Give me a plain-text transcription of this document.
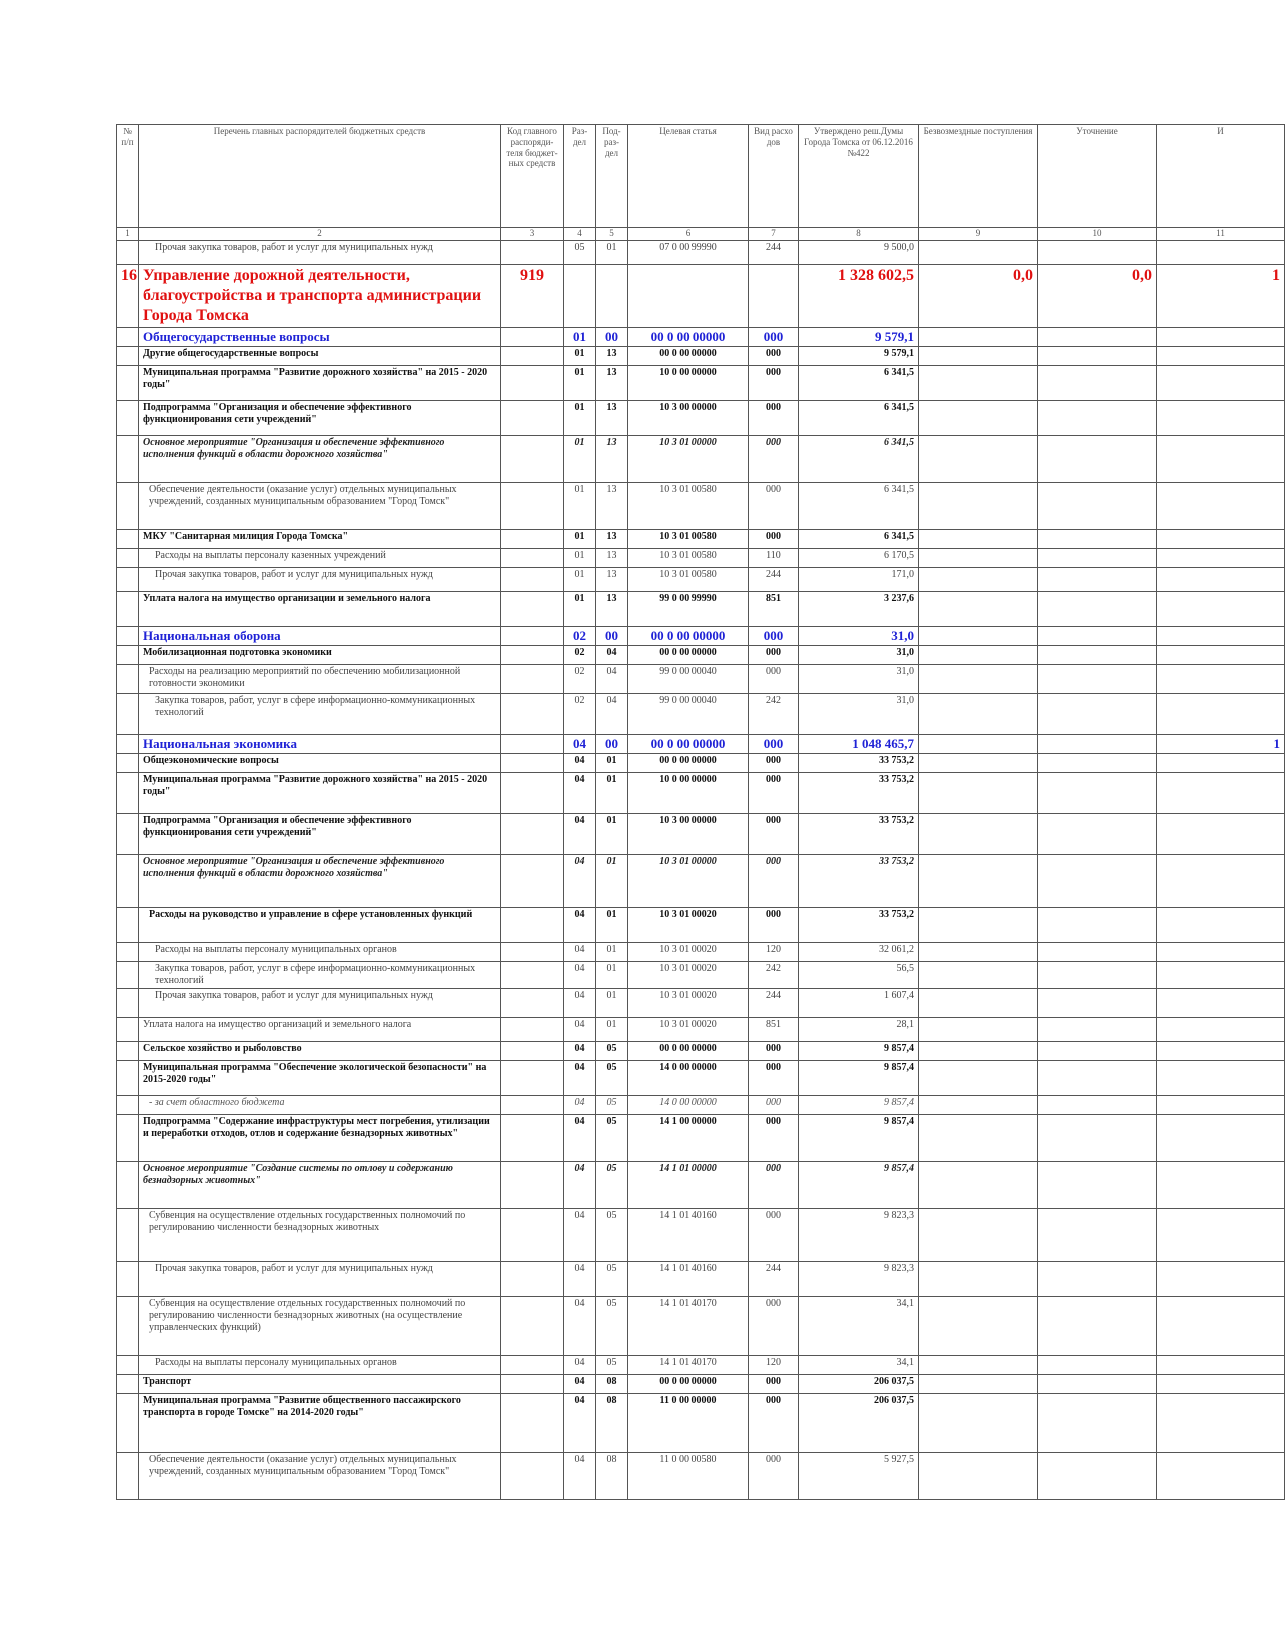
№ п/п	Перечень главных распорядителей бюджетных средств	Код главного распоряди-теля бюджет-ных средств	Раз-дел	Под-раз-дел	Целевая статья	Вид расхо дов	Утверждено реш.Думы Города Томска от 06.12.2016 №422	Безвозмездные поступления	Уточнение	И
1	2	3	4	5	6	7	8	9	10	11
	Прочая закупка товаров, работ и услуг для муниципальных нужд		05	01	07 0 00 99990	244	9 500,0			
16	Управление дорожной деятельности, благоустройства и транспорта администрации Города Томска	919					1 328 602,5	0,0	0,0	1
	Общегосударственные вопросы		01	00	00 0 00 00000	000	9 579,1			
	Другие общегосударственные вопросы		01	13	00 0 00 00000	000	9 579,1			
	Муниципальная программа "Развитие дорожного хозяйства" на 2015 - 2020 годы"		01	13	10 0 00 00000	000	6 341,5			
	Подпрограмма "Организация и обеспечение эффективного функционирования сети учреждений"		01	13	10 3 00 00000	000	6 341,5			
	Основное мероприятие "Организация и обеспечение эффективного исполнения функций в области дорожного хозяйства"		01	13	10 3 01 00000	000	6 341,5			
	Обеспечение деятельности (оказание услуг) отдельных муниципальных учреждений, созданных муниципальным образованием "Город Томск"		01	13	10 3 01 00580	000	6 341,5			
	МКУ "Санитарная милиция Города Томска"		01	13	10 3 01 00580	000	6 341,5			
	Расходы на выплаты персоналу казенных учреждений		01	13	10 3 01 00580	110	6 170,5			
	Прочая закупка товаров, работ и услуг для муниципальных нужд		01	13	10 3 01 00580	244	171,0			
	Уплата налога на имущество организации и земельного налога		01	13	99 0 00 99990	851	3 237,6			
	Национальная оборона		02	00	00 0 00 00000	000	31,0			
	Мобилизационная подготовка экономики		02	04	00 0 00 00000	000	31,0			
	Расходы на реализацию мероприятий по обеспечению мобилизационной готовности экономики		02	04	99 0 00 00040	000	31,0			
	Закупка товаров, работ, услуг в сфере информационно-коммуникационных технологий		02	04	99 0 00 00040	242	31,0			
	Национальная экономика		04	00	00 0 00 00000	000	1 048 465,7			1
	Общеэкономические вопросы		04	01	00 0 00 00000	000	33 753,2			
	Муниципальная программа "Развитие дорожного хозяйства" на 2015 - 2020 годы"		04	01	10 0 00 00000	000	33 753,2			
	Подпрограмма "Организация и обеспечение эффективного функционирования сети учреждений"		04	01	10 3 00 00000	000	33 753,2			
	Основное мероприятие "Организация и обеспечение эффективного исполнения функций в области дорожного хозяйства"		04	01	10 3 01 00000	000	33 753,2			
	Расходы на руководство и управление в сфере установленных функций		04	01	10 3 01 00020	000	33 753,2			
	Расходы на выплаты персоналу муниципальных органов		04	01	10 3 01 00020	120	32 061,2			
	Закупка товаров, работ, услуг в сфере информационно-коммуникационных технологий		04	01	10 3 01 00020	242	56,5			
	Прочая закупка товаров, работ и услуг для муниципальных нужд		04	01	10 3 01 00020	244	1 607,4			
	Уплата налога на имущество организаций и земельного налога		04	01	10 3 01 00020	851	28,1			
	Сельское хозяйство и рыболовство		04	05	00 0 00 00000	000	9 857,4			
	Муниципальная программа "Обеспечение экологической безопасности" на 2015-2020 годы"		04	05	14 0 00 00000	000	9 857,4			
	- за счет областного бюджета		04	05	14 0 00 00000	000	9 857,4			
	Подпрограмма "Содержание инфраструктуры мест погребения, утилизации и переработки отходов, отлов и содержание безнадзорных животных"		04	05	14 1 00 00000	000	9 857,4			
	Основное мероприятие "Создание системы по отлову и содержанию безнадзорных животных"		04	05	14 1 01 00000	000	9 857,4			
	Субвенция на осуществление отдельных государственных полномочий по регулированию численности безнадзорных животных		04	05	14 1 01 40160	000	9 823,3			
	Прочая закупка товаров, работ и услуг для муниципальных нужд		04	05	14 1 01 40160	244	9 823,3			
	Субвенция на осуществление отдельных государственных полномочий по регулированию численности безнадзорных животных (на осуществление управленческих функций)		04	05	14 1 01 40170	000	34,1			
	Расходы на выплаты персоналу муниципальных органов		04	05	14 1 01 40170	120	34,1			
	Транспорт		04	08	00 0 00 00000	000	206 037,5			
	Муниципальная программа "Развитие общественного пассажирского транспорта в городе Томске" на 2014-2020 годы"		04	08	11 0 00 00000	000	206 037,5			
	Обеспечение деятельности (оказание услуг) отдельных муниципальных учреждений, созданных муниципальным образованием "Город Томск"		04	08	11 0 00 00580	000	5 927,5			
